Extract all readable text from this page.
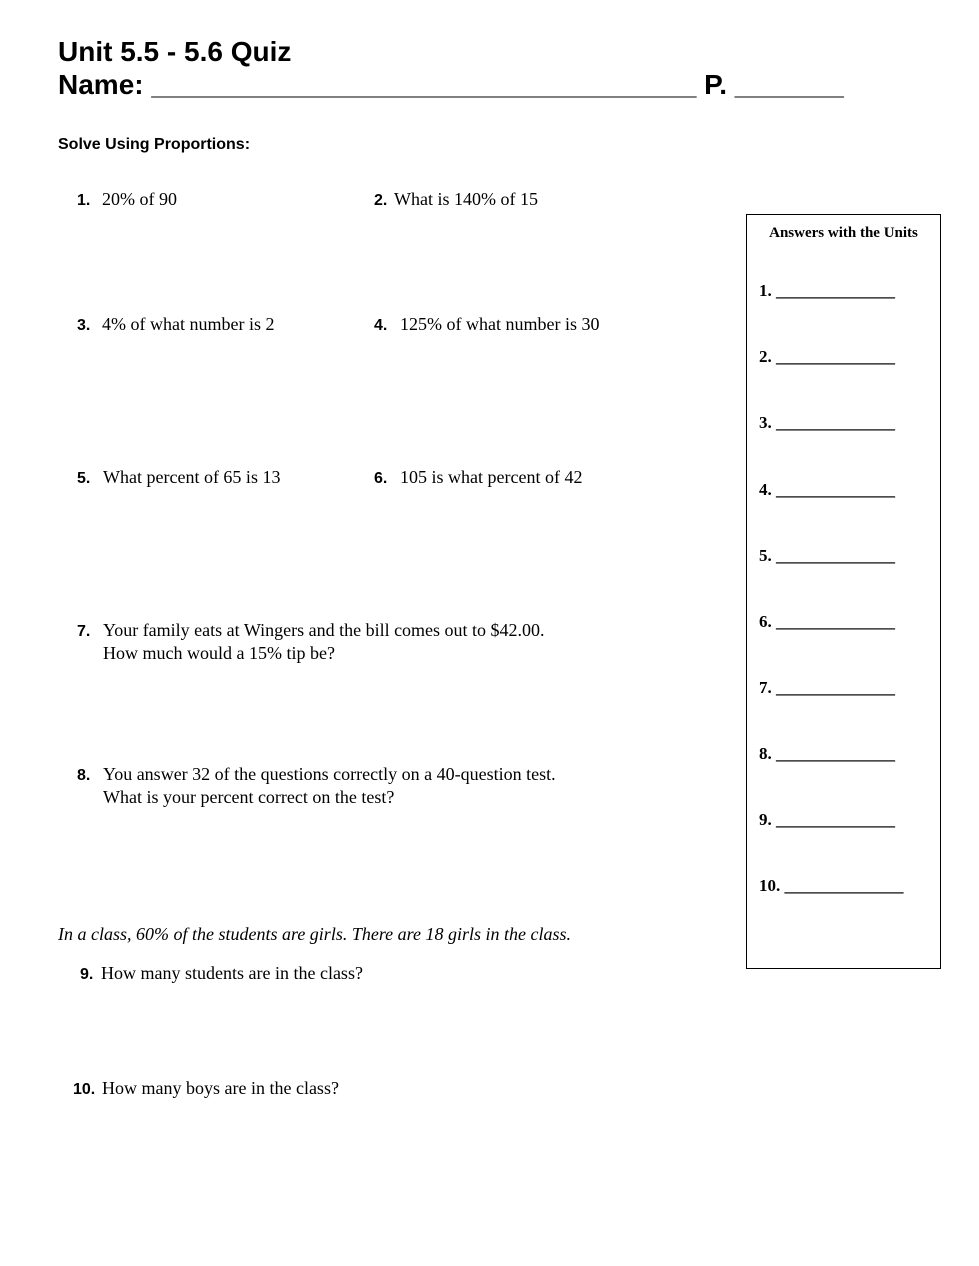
Unit 5.5 - 5.6 Quiz
Name: ___________________________________ P. _______
Solve Using Proportions:
1. 20% of 90	2. What is 140% of 15
3. 4% of what number is 2	4. 125% of what number is 30
5. What percent of 65 is 13	6. 105 is what percent of 42
7. Your family eats at Wingers and the bill comes out to $42.00.
How much would a 15% tip be?
8. You answer 32 of the questions correctly on a 40-question test.
What is your percent correct on the test?
In a class, 60% of the students are girls. There are 18 girls in the class.
9. How many students are in the class?
10. How many boys are in the class?
Answers with the Units
1. ______________
2. ______________
3. ______________
4. ______________
5. ______________
6. ______________
7. ______________
8. ______________
9. ______________
10. ______________
